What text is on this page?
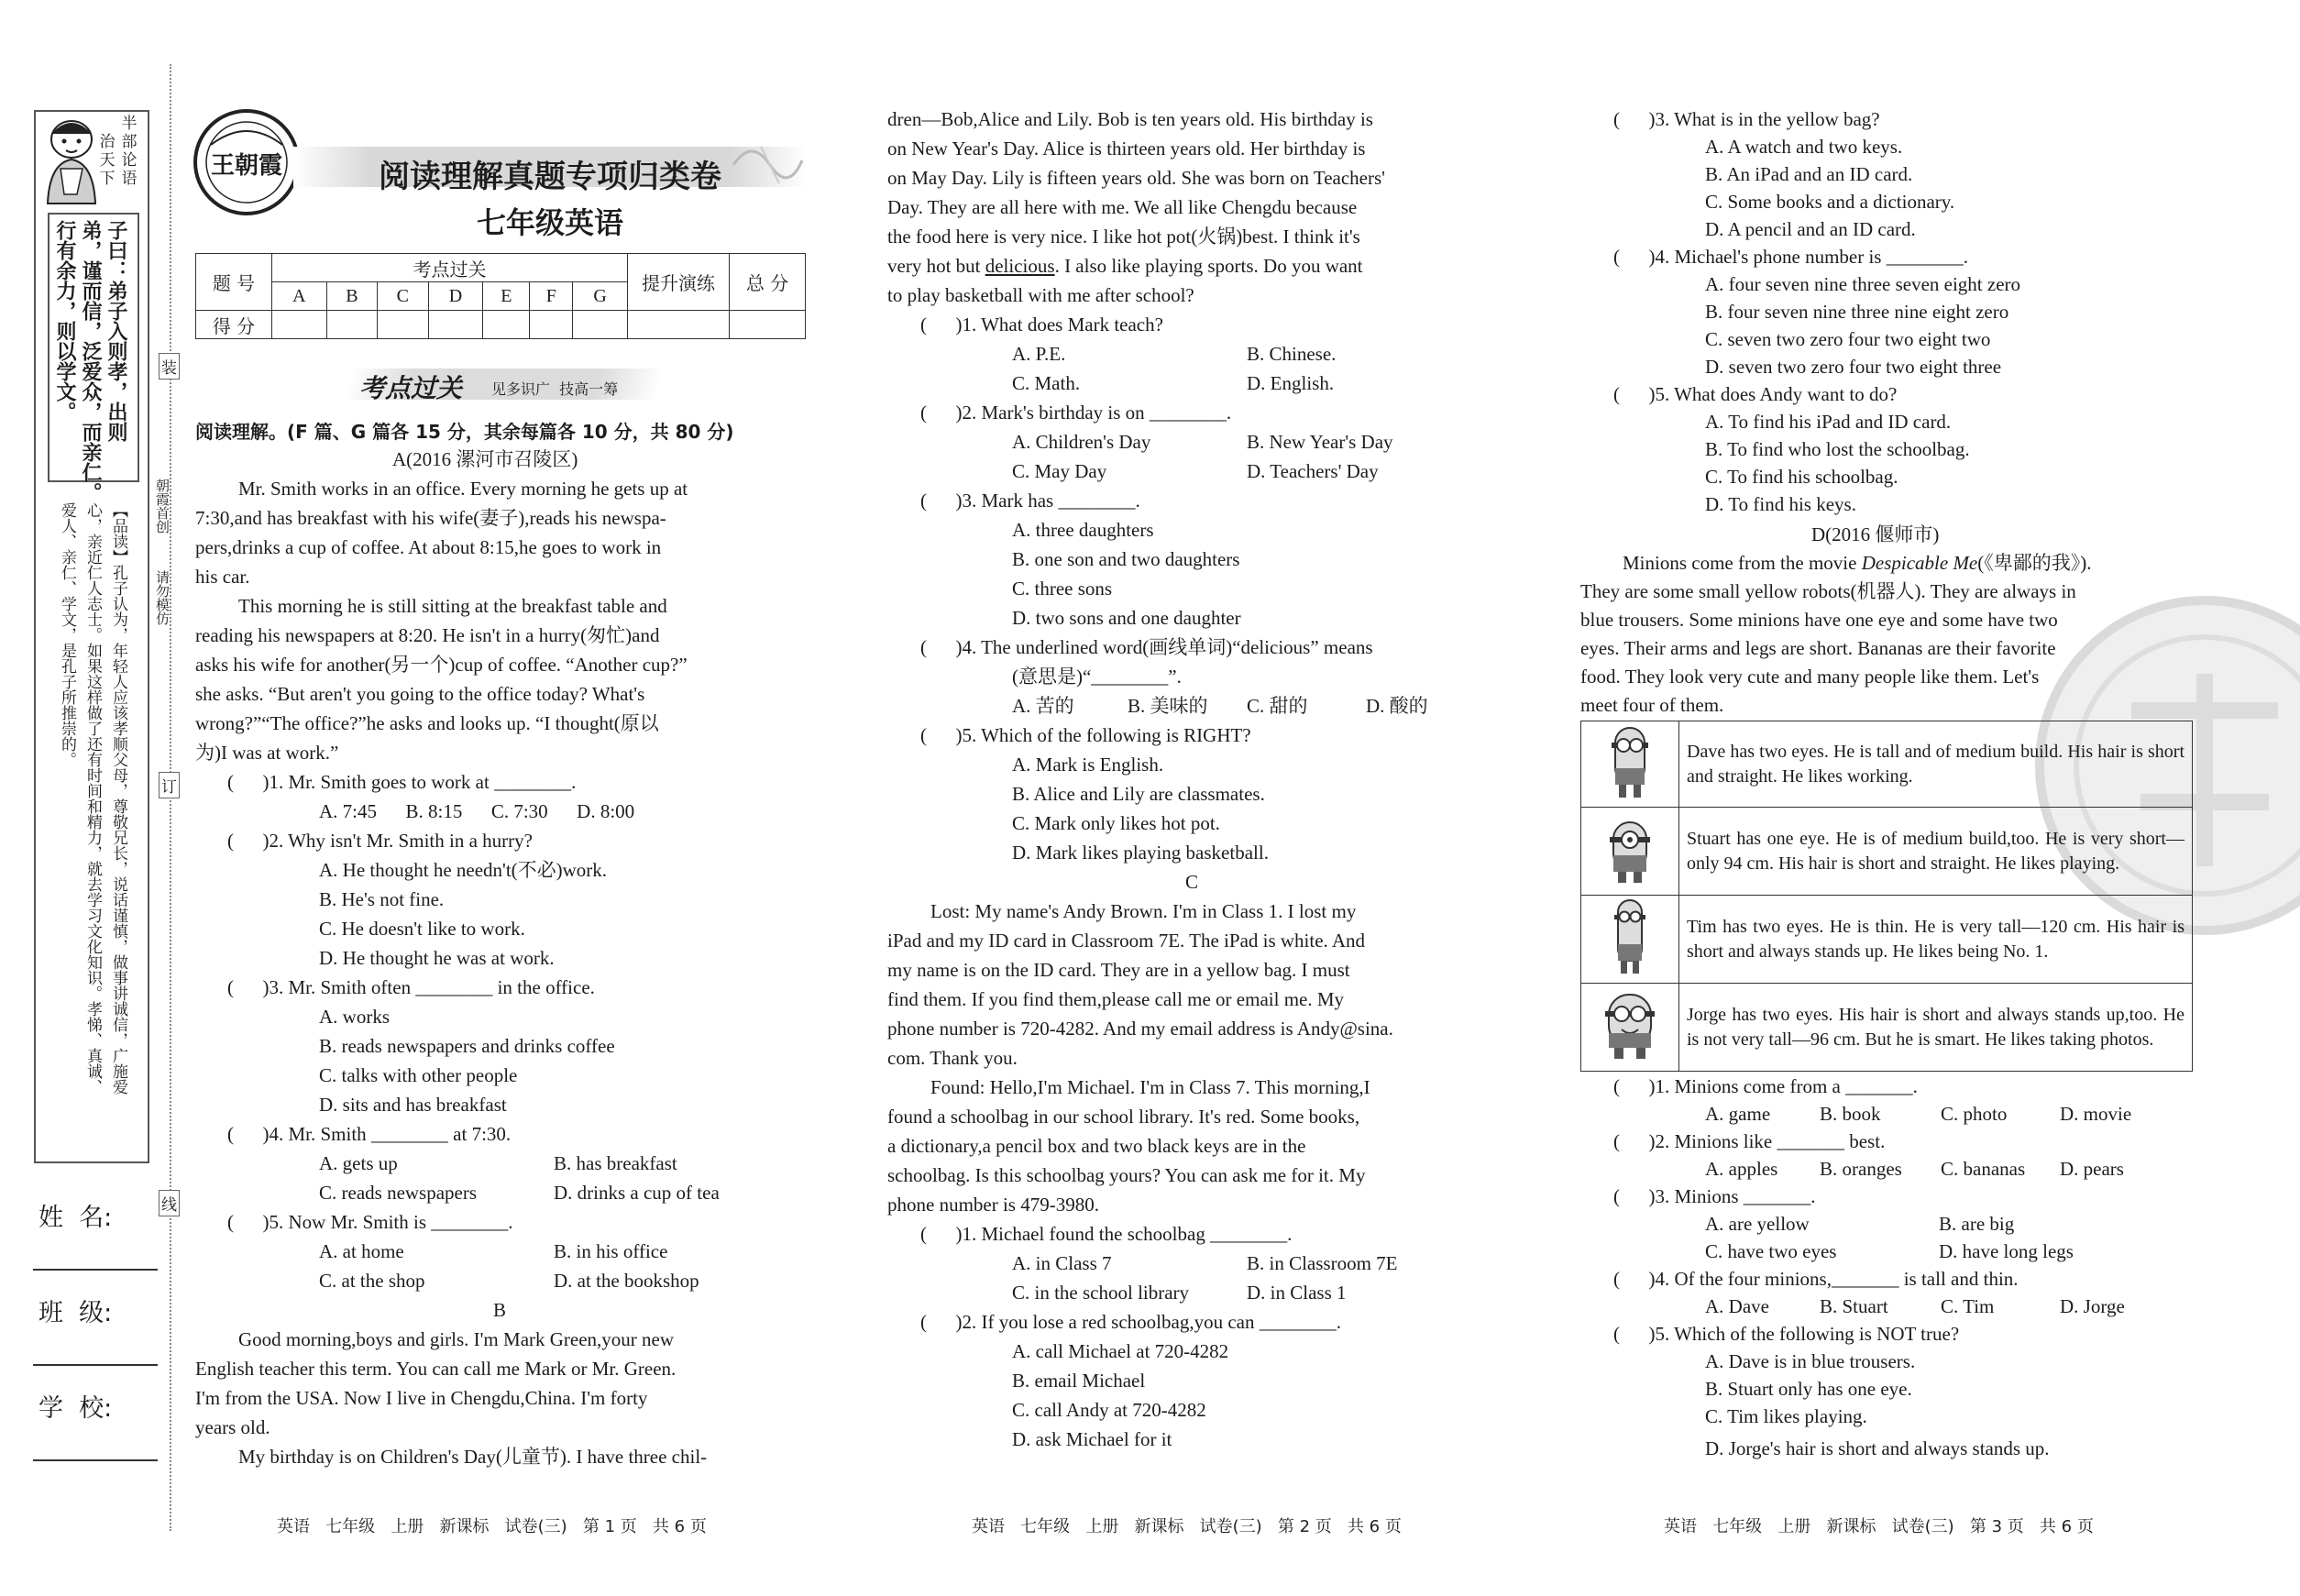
半
部
论
语
治
天
下
行有余力，则以学文。 弟，谨而信，泛爱众，而亲仁。 子曰：弟子入则孝，出则
爱人、亲仁、学文，是孔子所推崇的。 心，亲近仁人志士。如果这样做了还有时间和精力，就去学习文化知识。孝悌、真诚、 【品读】孔子认为，年轻人应该孝顺父母，尊敬兄长，说话谨慎，做事讲诚信，广施爱
姓  名:
班  级:
学  校:
装
订
线
朝霞首创
请勿模仿
王朝霞	阅读理解真题专项归类卷
七年级英语
题 号	考点过关							提升演练	总 分
	A	B	C	D	E	F	G		
得 分									
考点过关 见多识广  技高一筹
阅读理解。(F 篇、G 篇各 15 分，其余每篇各 10 分，共 80 分)
A(2016 漯河市召陵区)
Mr. Smith works in an office. Every morning he gets up at
7:30,and has breakfast with his wife(妻子),reads his newspa-
pers,drinks a cup of coffee. At about 8:15,he goes to work in
his car.
This morning he is still sitting at the breakfast table and
reading his newspapers at 8:20. He isn't in a hurry(匆忙)and
asks his wife for another(另一个)cup of coffee. “Another cup?”
she asks. “But aren't you going to the office today? What's
wrong?”“The office?”he asks and looks up. “I thought(原以
为)I was at work.”
(      )1. Mr. Smith goes to work at ________.
A. 7:45      B. 8:15      C. 7:30      D. 8:00
(      )2. Why isn't Mr. Smith in a hurry?
A. He thought he needn't(不必)work.
B. He's not fine.
C. He doesn't like to work.
D. He thought he was at work.
(      )3. Mr. Smith often ________ in the office.
A. works
B. reads newspapers and drinks coffee
C. talks with other people
D. sits and has breakfast
(      )4. Mr. Smith ________ at 7:30.
A. gets up	B. has breakfast
C. reads newspapers	D. drinks a cup of tea
(      )5. Now Mr. Smith is ________.
A. at home	B. in his office
C. at the shop	D. at the bookshop
B
Good morning,boys and girls. I'm Mark Green,your new
English teacher this term. You can call me Mark or Mr. Green.
I'm from the USA. Now I live in Chengdu,China. I'm forty
years old.
My birthday is on Children's Day(儿童节). I have three chil-
英语   七年级   上册   新课标   试卷(三)   第 1 页   共 6 页
dren—Bob,Alice and Lily. Bob is ten years old. His birthday is
on New Year's Day. Alice is thirteen years old. Her birthday is
on May Day. Lily is fifteen years old. She was born on Teachers'
Day. They are all here with me. We all like Chengdu because
the food here is very nice. I like hot pot(火锅)best. I think it's
very hot but delicious. I also like playing sports. Do you want
to play basketball with me after school?
(      )1. What does Mark teach?
A. P.E.	B. Chinese.
C. Math.	D. English.
(      )2. Mark's birthday is on ________.
A. Children's Day	B. New Year's Day
C. May Day	D. Teachers' Day
(      )3. Mark has ________.
A. three daughters
B. one son and two daughters
C. three sons
D. two sons and one daughter
(      )4. The underlined word(画线单词)“delicious” means
(意思是)“________”.
A. 苦的	B. 美味的 C. 甜的	D. 酸的
(      )5. Which of the following is RIGHT?
A. Mark is English.
B. Alice and Lily are classmates.
C. Mark only likes hot pot.
D. Mark likes playing basketball.
C
Lost: My name's Andy Brown. I'm in Class 1. I lost my
iPad and my ID card in Classroom 7E. The iPad is white. And
my name is on the ID card. They are in a yellow bag. I must
find them. If you find them,please call me or email me. My
phone number is 720-4282. And my email address is Andy@sina.
com. Thank you.
Found: Hello,I'm Michael. I'm in Class 7. This morning,I
found a schoolbag in our school library. It's red. Some books,
a dictionary,a pencil box and two black keys are in the
schoolbag. Is this schoolbag yours? You can ask me for it. My
phone number is 479-3980.
(      )1. Michael found the schoolbag ________.
A. in Class 7	B. in Classroom 7E
C. in the school library	D. in Class 1
(      )2. If you lose a red schoolbag,you can ________.
A. call Michael at 720-4282
B. email Michael
C. call Andy at 720-4282
D. ask Michael for it
英语   七年级   上册   新课标   试卷(三)   第 2 页   共 6 页
(      )3. What is in the yellow bag?
A. A watch and two keys.
B. An iPad and an ID card.
C. Some books and a dictionary.
D. A pencil and an ID card.
(      )4. Michael's phone number is ________.
A. four seven nine three seven eight zero
B. four seven nine three nine eight zero
C. seven two zero four two eight two
D. seven two zero four two eight three
(      )5. What does Andy want to do?
A. To find his iPad and ID card.
B. To find who lost the schoolbag.
C. To find his schoolbag.
D. To find his keys.
D(2016 偃师市)
Minions come from the movie Despicable Me(《卑鄙的我》).
They are some small yellow robots(机器人). They are always in
blue trousers. Some minions have one eye and some have two
eyes. Their arms and legs are short. Bananas are their favorite
food. They look very cute and many people like them. Let's
meet four of them.
	Dave has two eyes. He is tall and of medium build. His hair is short and straight. He likes working.
	Stuart has one eye. He is of medium build,too. He is very short—only 94 cm. His hair is short and straight. He likes playing.
	Tim has two eyes. He is thin. He is very tall—120 cm. His hair is short and always stands up. He likes being No. 1.
	Jorge has two eyes. His hair is short and always stands up,too. He is not very tall—96 cm. But he is smart. He likes taking photos.
(      )1. Minions come from a _______.
A. game	B. book	C. photo	D. movie
(      )2. Minions like _______ best.
A. apples B. oranges C. bananas D. pears
(      )3. Minions _______.
A. are yellow	B. are big
C. have two eyes	D. have long legs
(      )4. Of the four minions,_______ is tall and thin.
A. Dave	B. Stuart	C. Tim	D. Jorge
(      )5. Which of the following is NOT true?
A. Dave is in blue trousers.
B. Stuart only has one eye.
C. Tim likes playing.
D. Jorge's hair is short and always stands up.
英语   七年级   上册   新课标   试卷(三)   第 3 页   共 6 页
